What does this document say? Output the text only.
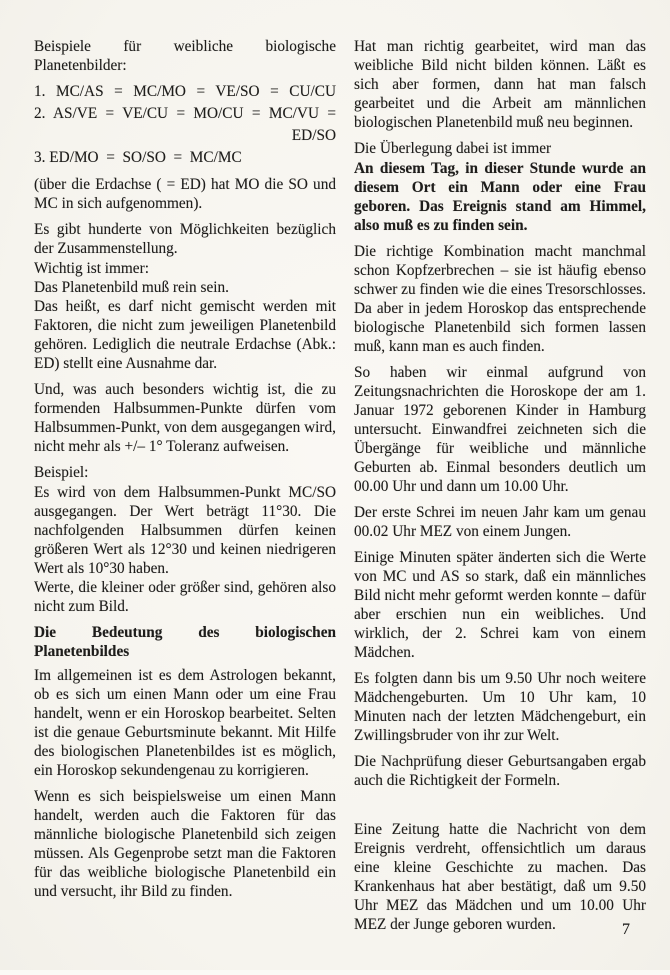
Beispiele für weibliche biologische Planetenbilder:

1. MC/AS = MC/MO = VE/SO = CU/CU

2. AS/VE = VE/CU = MO/CU = MC/VU =

ED/SO

3. ED/MO  =  SO/SO  =  MC/MC

(über die Erdachse ( = ED) hat MO die SO und MC in sich aufgenommen).

Es gibt hunderte von Möglichkeiten bezüglich der Zusammenstellung.

Wichtig ist immer:

Das Planetenbild muß rein sein.

Das heißt, es darf nicht gemischt werden mit Faktoren, die nicht zum jeweiligen Planetenbild gehören. Lediglich die neutrale Erdachse (Abk.: ED) stellt eine Ausnahme dar.

Und, was auch besonders wichtig ist, die zu formenden Halbsummen-Punkte dürfen vom Halbsummen-Punkt, von dem ausgegangen wird, nicht mehr als +/– 1° Toleranz aufweisen.

Beispiel:

Es wird von dem Halbsummen-Punkt MC/SO ausgegangen. Der Wert beträgt 11°30. Die nachfolgenden Halbsummen dürfen keinen größeren Wert als 12°30 und keinen niedrigeren Wert als 10°30 haben.

Werte, die kleiner oder größer sind, gehören also nicht zum Bild.

Die Bedeutung des biologischen Planetenbildes

Im allgemeinen ist es dem Astrologen bekannt, ob es sich um einen Mann oder um eine Frau handelt, wenn er ein Horoskop bearbeitet. Selten ist die genaue Geburtsminute bekannt. Mit Hilfe des biologischen Planetenbildes ist es möglich, ein Horoskop sekundengenau zu korrigieren.

Wenn es sich beispielsweise um einen Mann handelt, werden auch die Faktoren für das männliche biologische Planetenbild sich zeigen müssen. Als Gegenprobe setzt man die Faktoren für das weibliche biologische Planetenbild ein und versucht, ihr Bild zu finden.

Hat man richtig gearbeitet, wird man das weibliche Bild nicht bilden können. Läßt es sich aber formen, dann hat man falsch gearbeitet und die Arbeit am männlichen biologischen Planetenbild muß neu beginnen.

Die Überlegung dabei ist immer

An diesem Tag, in dieser Stunde wurde an diesem Ort ein Mann oder eine Frau geboren. Das Ereignis stand am Himmel, also muß es zu finden sein.

Die richtige Kombination macht manchmal schon Kopfzerbrechen – sie ist häufig ebenso schwer zu finden wie die eines Tresorschlosses. Da aber in jedem Horoskop das entsprechende biologische Planetenbild sich formen lassen muß, kann man es auch finden.

So haben wir einmal aufgrund von Zeitungsnachrichten die Horoskope der am 1. Januar 1972 geborenen Kinder in Hamburg untersucht. Einwandfrei zeichneten sich die Übergänge für weibliche und männliche Geburten ab. Einmal besonders deutlich um 00.00 Uhr und dann um 10.00 Uhr.

Der erste Schrei im neuen Jahr kam um genau 00.02 Uhr MEZ von einem Jungen.

Einige Minuten später änderten sich die Werte von MC und AS so stark, daß ein männliches Bild nicht mehr geformt werden konnte – dafür aber erschien nun ein weibliches. Und wirklich, der 2. Schrei kam von einem Mädchen.

Es folgten dann bis um 9.50 Uhr noch weitere Mädchengeburten. Um 10 Uhr kam, 10 Minuten nach der letzten Mädchengeburt, ein Zwillingsbruder von ihr zur Welt.

Die Nachprüfung dieser Geburtsangaben ergab auch die Richtigkeit der Formeln.

Eine Zeitung hatte die Nachricht von dem Ereignis verdreht, offensichtlich um daraus eine kleine Geschichte zu machen. Das Krankenhaus hat aber bestätigt, daß um 9.50 Uhr MEZ das Mädchen und um 10.00 Uhr MEZ der Junge geboren wurden.	7
